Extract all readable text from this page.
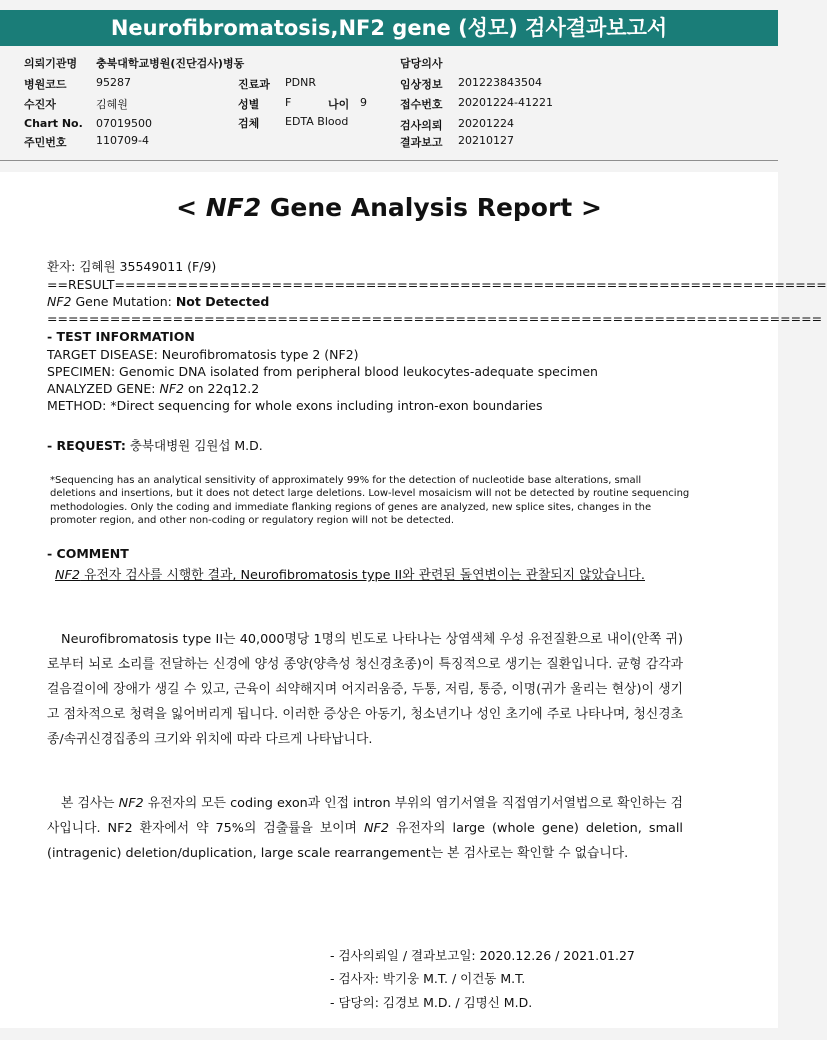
Neurofibromatosis,NF2 gene (성모) 검사결과보고서
의뢰기관명 충북대학교병원(진단검사)병동
병원코드	95287
수진자	김혜원
Chart No. 07019500
주민번호	110709-4
진료과 PDNR
성별 F	나이 9
검체 EDTA Blood
담당의사
임상정보 201223843504
접수번호 20201224-41221
검사의뢰 20201224
결과보고 20210127
< NF2 Gene Analysis Report >
환자: 김혜원 35549011 (F/9)
==RESULT====================================================================
NF2 Gene Mutation: Not Detected
==========================================================================
- TEST INFORMATION
TARGET DISEASE: Neurofibromatosis type 2 (NF2)
SPECIMEN: Genomic DNA isolated from peripheral blood leukocytes-adequate specimen
ANALYZED GENE: NF2 on 22q12.2
METHOD: *Direct sequencing for whole exons including intron-exon boundaries
- REQUEST: 충북대병원 김원섭 M.D.
*Sequencing has an analytical sensitivity of approximately 99% for the detection of nucleotide base alterations, small deletions and insertions, but it does not detect large deletions. Low-level mosaicism will not be detected by routine sequencing methodologies. Only the coding and immediate flanking regions of genes are analyzed, new splice sites, changes in the promoter region, and other non-coding or regulatory region will not be detected.
- COMMENT
NF2 유전자 검사를 시행한 결과, Neurofibromatosis type II와 관련된 돌연변이는 관찰되지 않았습니다.
Neurofibromatosis type II는 40,000명당 1명의 빈도로 나타나는 상염색체 우성 유전질환으로 내이(안쪽 귀)로부터 뇌로 소리를 전달하는 신경에 양성 종양(양측성 청신경초종)이 특징적으로 생기는 질환입니다. 균형 감각과 걸음걸이에 장애가 생길 수 있고, 근육이 쇠약해지며 어지러움증, 두통, 저림, 통증, 이명(귀가 울리는 현상)이 생기고 점차적으로 청력을 잃어버리게 됩니다. 이러한 증상은 아동기, 청소년기나 성인 초기에 주로 나타나며, 청신경초종/속귀신경집종의 크기와 위치에 따라 다르게 나타납니다.
본 검사는 NF2 유전자의 모든 coding exon과 인접 intron 부위의 염기서열을 직접염기서열법으로 확인하는 검사입니다. NF2 환자에서 약 75%의 검출률을 보이며 NF2 유전자의 large (whole gene) deletion, small (intragenic) deletion/duplication, large scale rearrangement는 본 검사로는 확인할 수 없습니다.
- 검사의뢰일 / 결과보고일: 2020.12.26 / 2021.01.27
- 검사자: 박기웅 M.T. / 이건동 M.T.
- 담당의: 김경보 M.D. / 김명신 M.D.
